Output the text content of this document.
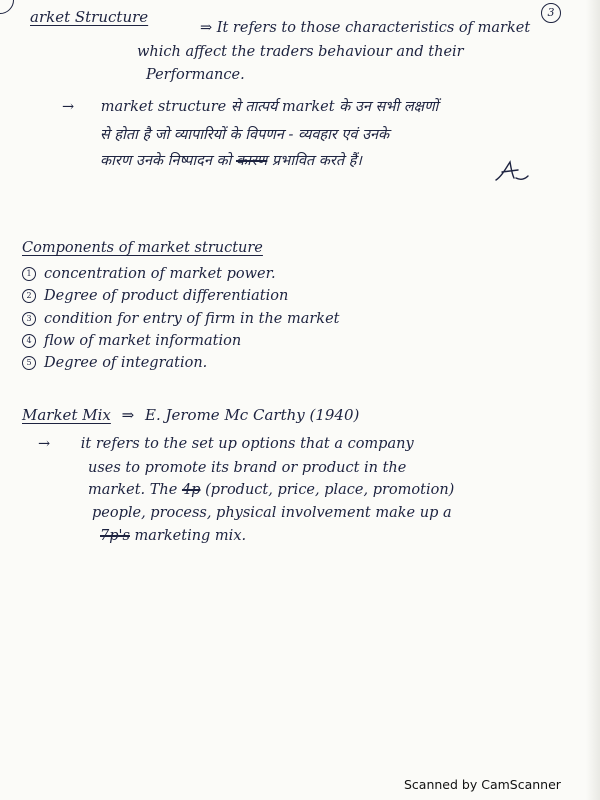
3
arket Structure
⇒ It refers to those characteristics of market
which affect the traders behaviour and their
Performance.
→ market structure से तात्पर्य market के उन सभी लक्षणों
से होता है जो व्यापारियों के विपणन - व्यवहार एवं उनके
कारण उनके निष्पादन को कारण प्रभावित करते हैं।
Components of market structure
1 concentration of market power.
2 Degree of product differentiation
3 condition for entry of firm in the market
4 flow of market information
5 Degree of integration.
Market Mix ⇒ E. Jerome Mc Carthy (1940)
→ it refers to the set up options that a company
uses to promote its brand or product in the
market. The 4p (product, price, place, promotion)
people, process, physical involvement make up a
7p's marketing mix.
Scanned by CamScanner
